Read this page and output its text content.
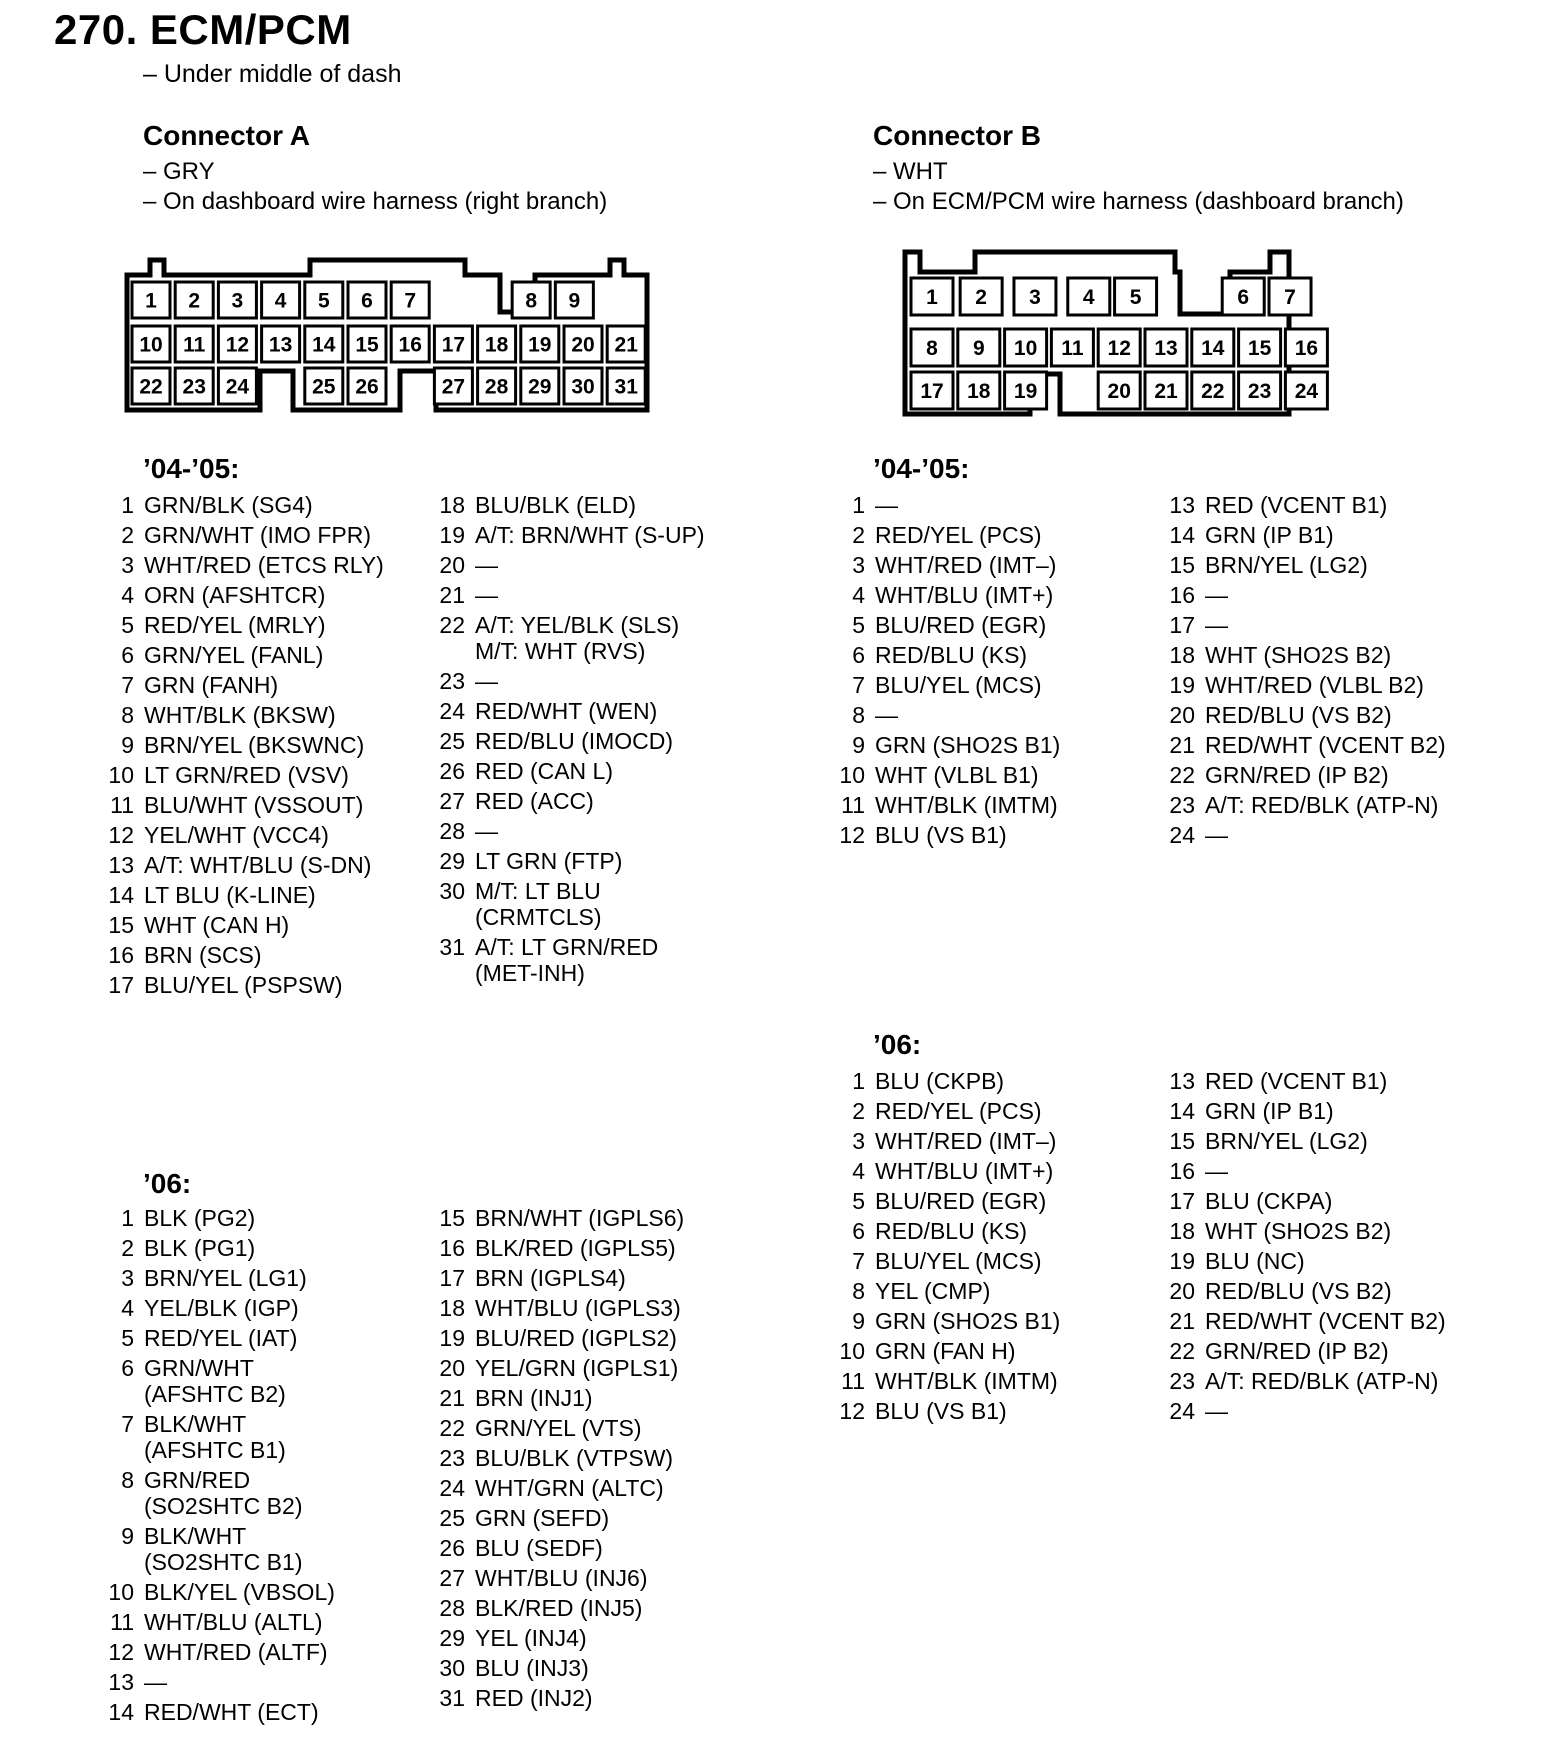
270. ECM/PCM
– Under middle of dash
Connector A
– GRY
– On dashboard wire harness (right branch)
Connector B
– WHT
– On ECM/PCM wire harness (dashboard branch)
1 2 3 4 5 6 7	8 9
10 11 12 13 14 15 16 17 18 19 20 21
22 23 24	25 26	27 28 29 30 31
1 2 3 4 5	6 7
8 9 10 11 12 13 14 15 16
17 18 19	20 21 22 23 24
’04-’05:
1 GRN/BLK (SG4)
2 GRN/WHT (IMO FPR)
3 WHT/RED (ETCS RLY)
4 ORN (AFSHTCR)
5 RED/YEL (MRLY)
6 GRN/YEL (FANL)
7 GRN (FANH)
8 WHT/BLK (BKSW)
9 BRN/YEL (BKSWNC)
10 LT GRN/RED (VSV)
11 BLU/WHT (VSSOUT)
12 YEL/WHT (VCC4)
13 A/T: WHT/BLU (S-DN)
14 LT BLU (K-LINE)
15 WHT (CAN H)
16 BRN (SCS)
17 BLU/YEL (PSPSW)
18 BLU/BLK (ELD)
19 A/T: BRN/WHT (S-UP)
20 —
21 —
22 A/T: YEL/BLK (SLS)
M/T: WHT (RVS)
23 —
24 RED/WHT (WEN)
25 RED/BLU (IMOCD)
26 RED (CAN L)
27 RED (ACC)
28 —
29 LT GRN (FTP)
30 M/T: LT BLU
(CRMTCLS)
31 A/T: LT GRN/RED
(MET-INH)
’06:
1 BLK (PG2)
2 BLK (PG1)
3 BRN/YEL (LG1)
4 YEL/BLK (IGP)
5 RED/YEL (IAT)
6 GRN/WHT
(AFSHTC B2)
7 BLK/WHT
(AFSHTC B1)
8 GRN/RED
(SO2SHTC B2)
9 BLK/WHT
(SO2SHTC B1)
10 BLK/YEL (VBSOL)
11 WHT/BLU (ALTL)
12 WHT/RED (ALTF)
13 —
14 RED/WHT (ECT)
15 BRN/WHT (IGPLS6)
16 BLK/RED (IGPLS5)
17 BRN (IGPLS4)
18 WHT/BLU (IGPLS3)
19 BLU/RED (IGPLS2)
20 YEL/GRN (IGPLS1)
21 BRN (INJ1)
22 GRN/YEL (VTS)
23 BLU/BLK (VTPSW)
24 WHT/GRN (ALTC)
25 GRN (SEFD)
26 BLU (SEDF)
27 WHT/BLU (INJ6)
28 BLK/RED (INJ5)
29 YEL (INJ4)
30 BLU (INJ3)
31 RED (INJ2)
’04-’05:
1 —
2 RED/YEL (PCS)
3 WHT/RED (IMT–)
4 WHT/BLU (IMT+)
5 BLU/RED (EGR)
6 RED/BLU (KS)
7 BLU/YEL (MCS)
8 —
9 GRN (SHO2S B1)
10 WHT (VLBL B1)
11 WHT/BLK (IMTM)
12 BLU (VS B1)
13 RED (VCENT B1)
14 GRN (IP B1)
15 BRN/YEL (LG2)
16 —
17 —
18 WHT (SHO2S B2)
19 WHT/RED (VLBL B2)
20 RED/BLU (VS B2)
21 RED/WHT (VCENT B2)
22 GRN/RED (IP B2)
23 A/T: RED/BLK (ATP-N)
24 —
’06:
1 BLU (CKPB)
2 RED/YEL (PCS)
3 WHT/RED (IMT–)
4 WHT/BLU (IMT+)
5 BLU/RED (EGR)
6 RED/BLU (KS)
7 BLU/YEL (MCS)
8 YEL (CMP)
9 GRN (SHO2S B1)
10 GRN (FAN H)
11 WHT/BLK (IMTM)
12 BLU (VS B1)
13 RED (VCENT B1)
14 GRN (IP B1)
15 BRN/YEL (LG2)
16 —
17 BLU (CKPA)
18 WHT (SHO2S B2)
19 BLU (NC)
20 RED/BLU (VS B2)
21 RED/WHT (VCENT B2)
22 GRN/RED (IP B2)
23 A/T: RED/BLK (ATP-N)
24 —
